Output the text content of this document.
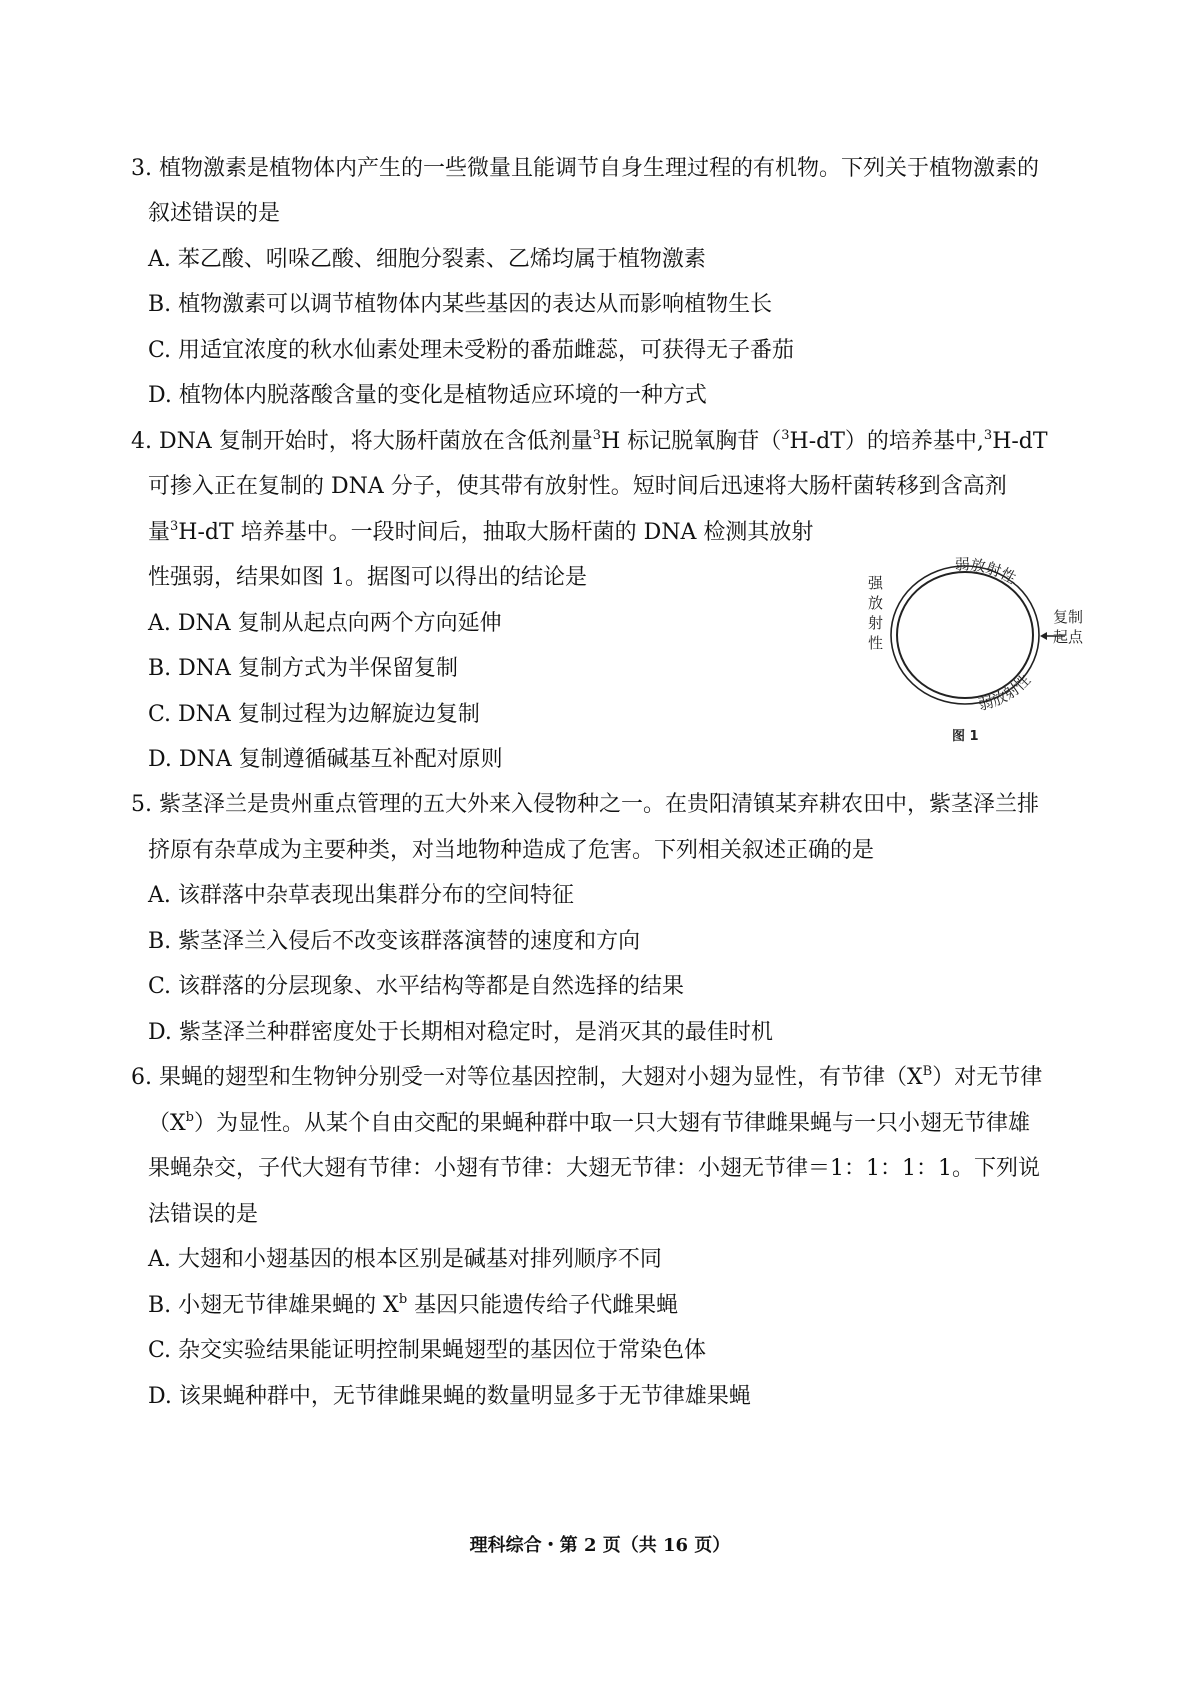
3. 植物激素是植物体内产生的一些微量且能调节自身生理过程的有机物。下列关于植物激素的
叙述错误的是
A. 苯乙酸、吲哚乙酸、细胞分裂素、乙烯均属于植物激素
B. 植物激素可以调节植物体内某些基因的表达从而影响植物生长
C. 用适宜浓度的秋水仙素处理未受粉的番茄雌蕊，可获得无子番茄
D. 植物体内脱落酸含量的变化是植物适应环境的一种方式
4. DNA 复制开始时，将大肠杆菌放在含低剂量$^3$H 标记脱氧胸苷（$^3$H-dT）的培养基中,$^3$H-dT
可掺入正在复制的 DNA 分子，使其带有放射性。短时间后迅速将大肠杆菌转移到含高剂
量$^3$H-dT 培养基中。一段时间后，抽取大肠杆菌的 DNA 检测其放射
性强弱，结果如图 1。据图可以得出的结论是
A. DNA 复制从起点向两个方向延伸
B. DNA 复制方式为半保留复制
C. DNA 复制过程为边解旋边复制
D. DNA 复制遵循碱基互补配对原则
弱放射性
弱放射性
强
放
射
性
复制
起点
图 1
5. 紫茎泽兰是贵州重点管理的五大外来入侵物种之一。在贵阳清镇某弃耕农田中，紫茎泽兰排
挤原有杂草成为主要种类，对当地物种造成了危害。下列相关叙述正确的是
A. 该群落中杂草表现出集群分布的空间特征
B. 紫茎泽兰入侵后不改变该群落演替的速度和方向
C. 该群落的分层现象、水平结构等都是自然选择的结果
D. 紫茎泽兰种群密度处于长期相对稳定时，是消灭其的最佳时机
6. 果蝇的翅型和生物钟分别受一对等位基因控制，大翅对小翅为显性，有节律$(X^B)$对无节律
$(X^b)$为显性。从某个自由交配的果蝇种群中取一只大翅有节律雌果蝇与一只小翅无节律雄
果蝇杂交，子代大翅有节律：小翅有节律：大翅无节律：小翅无节律＝1：1：1：1。下列说
法错误的是
A. 大翅和小翅基因的根本区别是碱基对排列顺序不同
B. 小翅无节律雄果蝇的 $X^b$ 基因只能遗传给子代雌果蝇
C. 杂交实验结果能证明控制果蝇翅型的基因位于常染色体
D. 该果蝇种群中，无节律雌果蝇的数量明显多于无节律雄果蝇
理科综合・第 2 页（共 16 页）
